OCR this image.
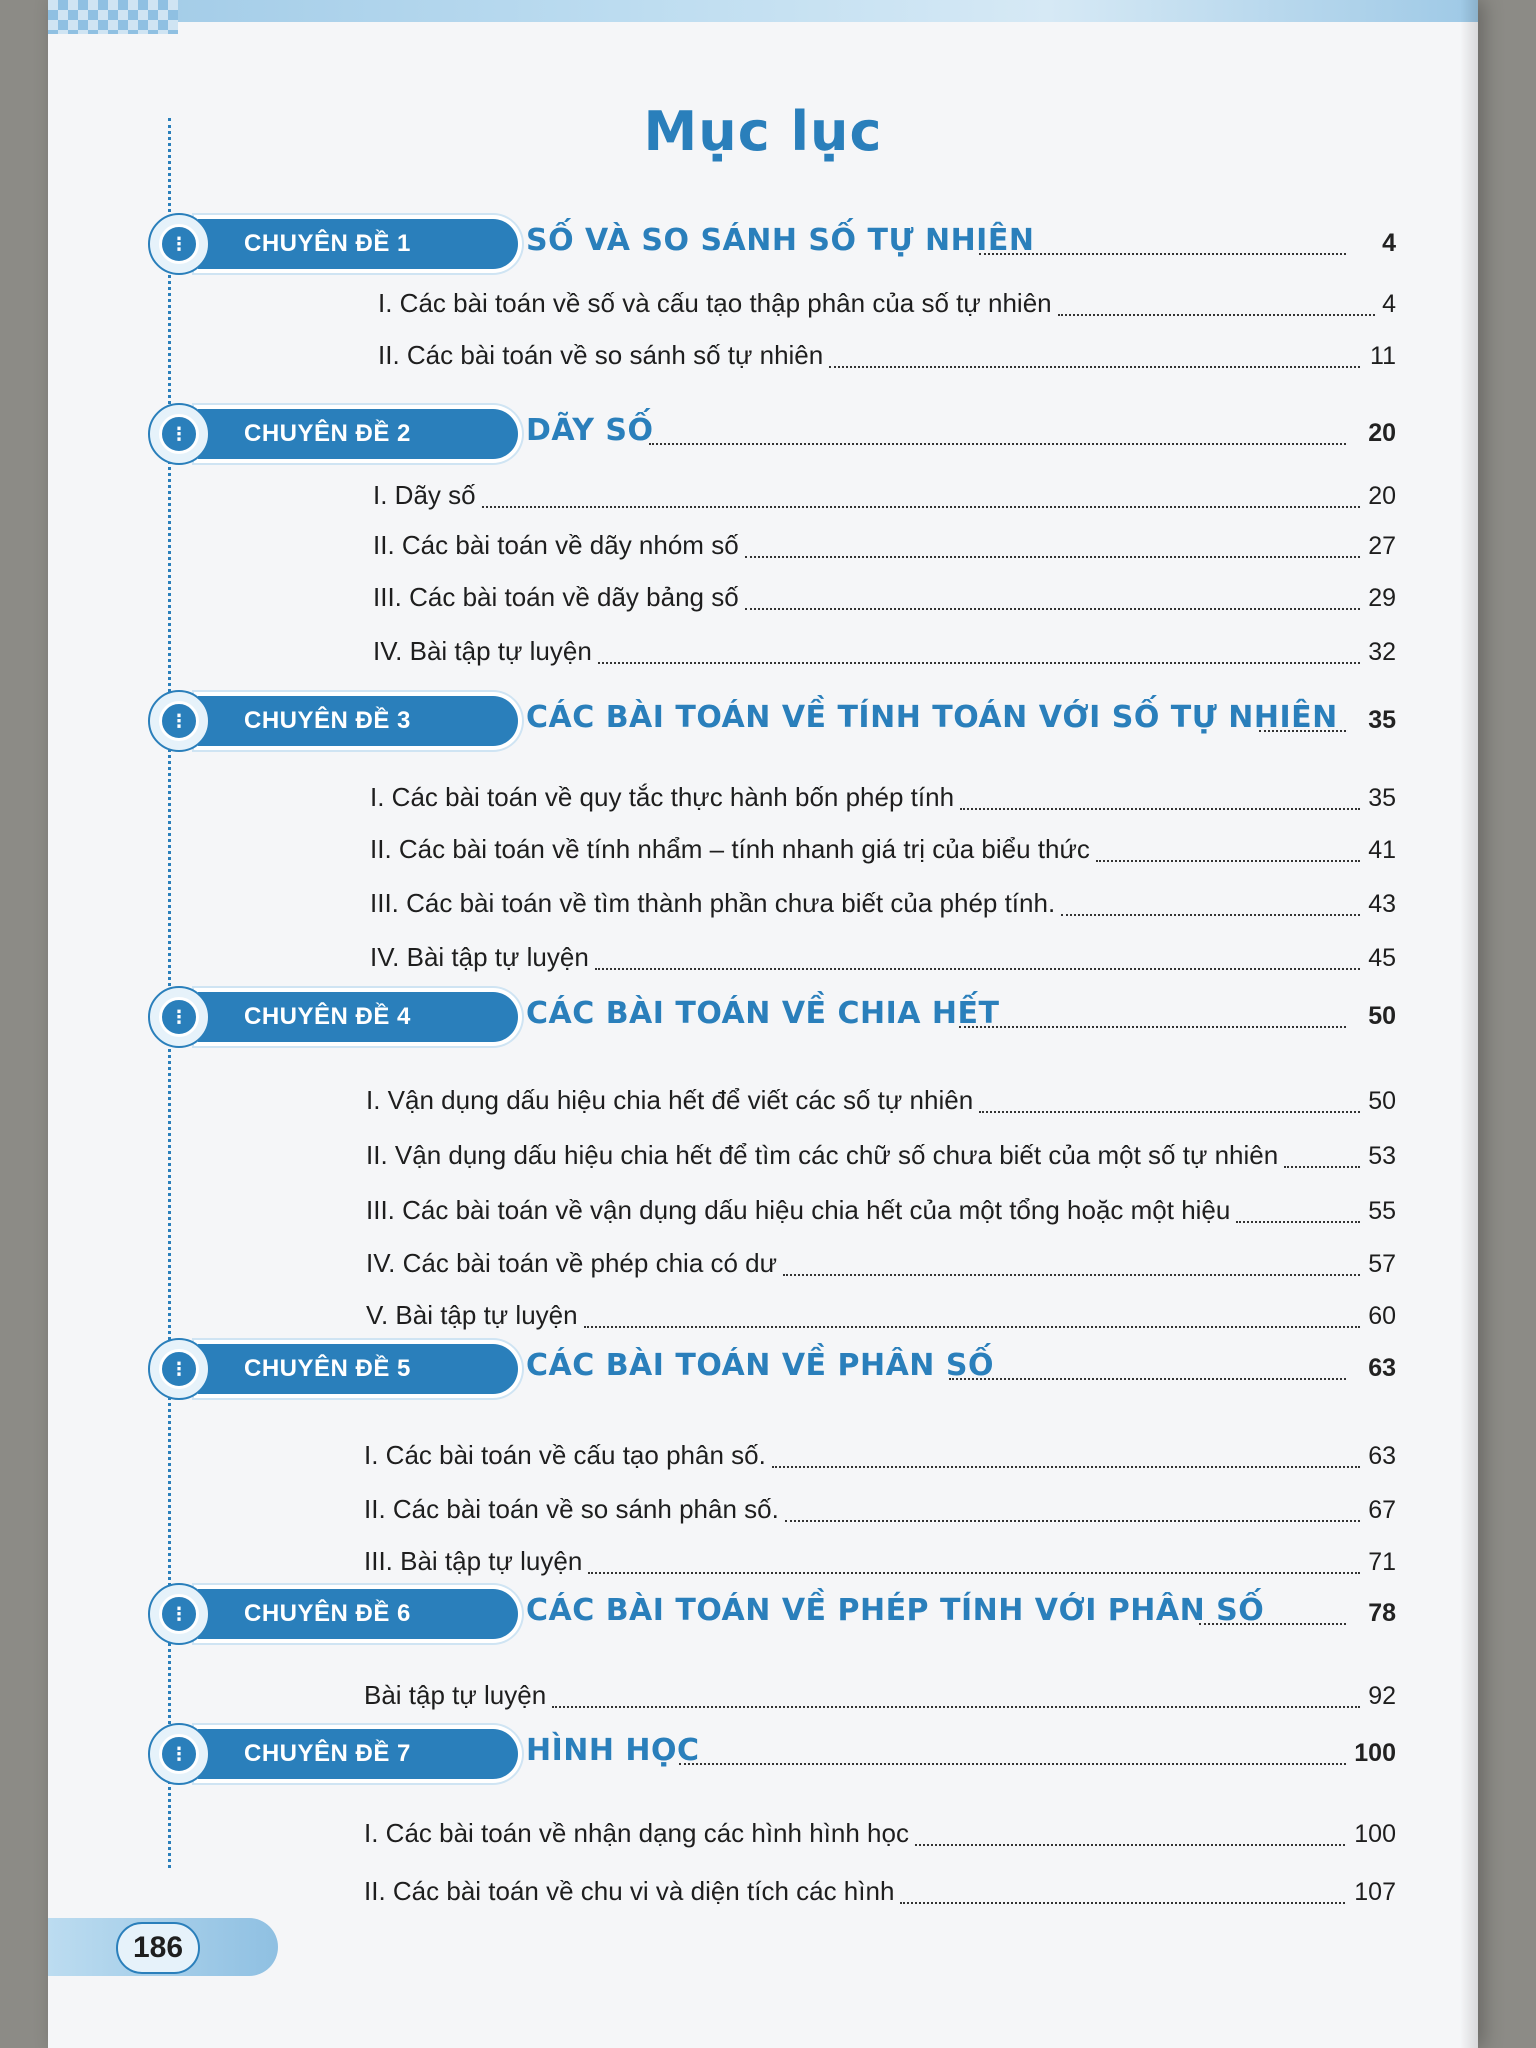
Mục lục
CHUYÊN ĐỀ 1
⋮	SỐ VÀ SO SÁNH SỐ TỰ NHIÊN	4
I. Các bài toán về số và cấu tạo thập phân của số tự nhiên	4
II. Các bài toán về so sánh số tự nhiên	11
CHUYÊN ĐỀ 2
⋮	DÃY SỐ	20
I. Dãy số	20
II. Các bài toán về dãy nhóm số	27
III. Các bài toán về dãy bảng số	29
IV. Bài tập tự luyện	32
CHUYÊN ĐỀ 3
⋮	CÁC BÀI TOÁN VỀ TÍNH TOÁN VỚI SỐ TỰ NHIÊN 35
I. Các bài toán về quy tắc thực hành bốn phép tính	35
II. Các bài toán về tính nhẩm – tính nhanh giá trị của biểu thức	41
III. Các bài toán về tìm thành phần chưa biết của phép tính.	43
IV. Bài tập tự luyện	45
CHUYÊN ĐỀ 4
⋮	CÁC BÀI TOÁN VỀ CHIA HẾT	50
I. Vận dụng dấu hiệu chia hết để viết các số tự nhiên	50
II. Vận dụng dấu hiệu chia hết để tìm các chữ số chưa biết của một số tự nhiên	53
III. Các bài toán về vận dụng dấu hiệu chia hết của một tổng hoặc một hiệu	55
IV. Các bài toán về phép chia có dư	57
V. Bài tập tự luyện	60
CHUYÊN ĐỀ 5
⋮	CÁC BÀI TOÁN VỀ PHÂN SỐ	63
I. Các bài toán về cấu tạo phân số.	63
II. Các bài toán về so sánh phân số.	67
III. Bài tập tự luyện	71
CHUYÊN ĐỀ 6
⋮	CÁC BÀI TOÁN VỀ PHÉP TÍNH VỚI PHÂN SỐ	78
Bài tập tự luyện	92
CHUYÊN ĐỀ 7
⋮	HÌNH HỌC	100
I. Các bài toán về nhận dạng các hình hình học	100
II. Các bài toán về chu vi và diện tích các hình	107
186
